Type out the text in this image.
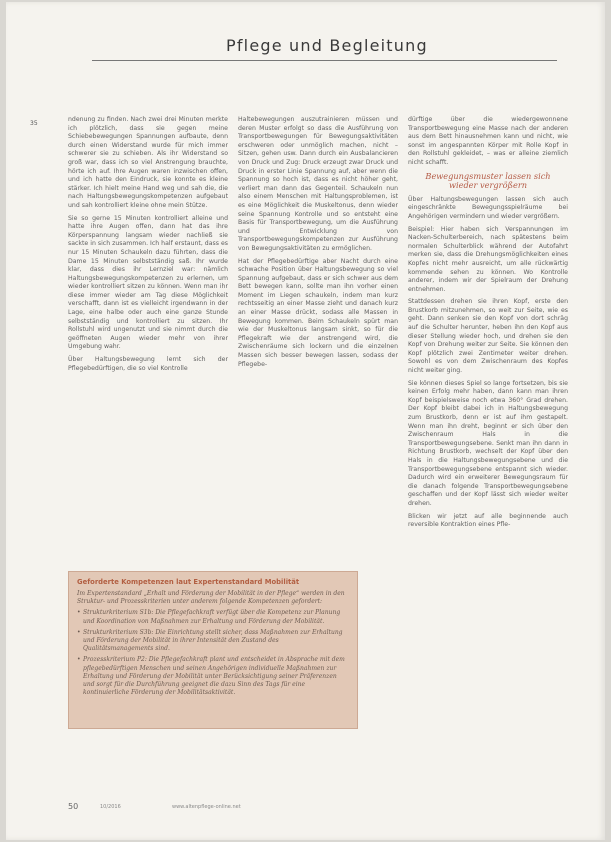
Pflege und Begleitung
35

ndenung zu finden. Nach zwei drei Minuten merkte ich plötzlich, dass sie gegen meine Schiebebewegungen Spannungen aufbaute, denn durch einen Widerstand wurde für mich immer schwerer sie zu schieben. Als ihr Widerstand so groß war, dass ich so viel Anstrengung brauchte, hörte ich auf. Ihre Augen waren inzwischen offen, und ich hatte den Eindruck, sie konnte es kleine stärker. Ich hielt meine Hand weg und sah die, die nach Haltungsbewegungskompetenzen aufgebaut und sah kontrolliert kleine ohne mein Stütze.

Sie so gerne 15 Minuten kontrolliert alleine und hatte ihre Augen offen, dann hat das ihre Körperspannung langsam wieder nachließ sie sackte in sich zusammen. Ich half erstaunt, dass es nur 15 Minuten Schaukeln dazu führten, dass die Dame 15 Minuten selbstständig saß. Ihr wurde klar, dass dies ihr Lernziel war: nämlich Haltungsbewegungskompetenzen zu erlernen, um wieder kontrolliert sitzen zu können. Wenn man ihr diese immer wieder am Tag diese Möglichkeit verschafft, dann ist es vielleicht irgendwann in der Lage, eine halbe oder auch eine ganze Stunde selbstständig und kontrolliert zu sitzen. Ihr Rollstuhl wird ungenutzt und sie nimmt durch die geöffneten Augen wieder mehr von ihrer Umgebung wahr.

Über Haltungsbewegung lernt sich der Pflegebedürftigen, die so viel Kontrolle

Haltebewegungen auszutrainieren müssen und deren Muster erfolgt so dass die Ausführung von Transportbewegungen für Bewegungsaktivitäten erschweren oder unmöglich machen, nicht – Sitzen, gehen usw. Dann durch ein Ausbalancieren von Druck und Zug: Druck erzeugt zwar Druck und Druck in erster Linie Spannung auf, aber wenn die Spannung so hoch ist, dass es nicht höher geht, verliert man dann das Gegenteil. Schaukeln nun also einem Menschen mit Haltungsproblemen, ist es eine Möglichkeit die Muskeltonus, denn wieder seine Spannung Kontrolle und so entsteht eine Basis für Transportbewegung, um die Ausführung und Entwicklung von Transportbewegungskompetenzen zur Ausführung von Bewegungsaktivitäten zu ermöglichen.

Hat der Pflegebedürftige aber Nacht durch eine schwache Position über Haltungsbewegung so viel Spannung aufgebaut, dass er sich schwer aus dem Bett bewegen kann, sollte man ihn vorher einen Moment im Liegen schaukeln, indem man kurz rechtsseitig an einer Masse zieht und danach kurz an einer Masse drückt, sodass alle Massen in Bewegung kommen. Beim Schaukeln spürt man wie der Muskeltonus langsam sinkt, so für die Pflegekraft wie der anstrengend wird, die Zwischenräume sich lockern und die einzelnen Massen sich besser bewegen lassen, sodass der Pflegebe-

dürftige über die wiedergewonnene Transportbewegung eine Masse nach der anderen aus dem Bett hinausnehmen kann und nicht, wie sonst im angespannten Körper mit Rolle Kopf in den Rollstuhl gekleidet, – was er alleine ziemlich nicht schafft.

Bewegungsmuster lassen sich
wieder vergrößern

Über Haltungsbewegungen lassen sich auch eingeschränkte Bewegungsspielräume bei Angehörigen vermindern und wieder vergrößern.

Beispiel: Hier haben sich Verspannungen im Nacken-Schulterbereich, nach spätestens beim normalen Schulterblick während der Autofahrt merken sie, dass die Drehungsmöglichkeiten eines Kopfes nicht mehr ausreicht, um alle rückwärtig kommende sehen zu können. Wo Kontrolle anderer, indem wir der Spielraum der Drehung entnehmen.

Stattdessen drehen sie ihren Kopf, erste den Brustkorb mitzunehmen, so weit zur Seite, wie es geht. Dann senken sie den Kopf von dort schräg auf die Schulter herunter, heben ihn den Kopf aus dieser Stellung wieder hoch, und drehen sie den Kopf von Drehung weiter zur Seite. Sie können den Kopf plötzlich zwei Zentimeter weiter drehen. Sowohl es von dem Zwischenraum des Kopfes nicht weiter ging.

Sie können dieses Spiel so lange fortsetzen, bis sie keinen Erfolg mehr haben, dann kann man ihren Kopf beispielsweise noch etwa 360° Grad drehen. Der Kopf bleibt dabei ich in Haltungsbewegung zum Brustkorb, denn er ist auf ihm gestapelt. Wenn man ihn dreht, beginnt er sich über den Zwischenraum Hals in die Transportbewegungsebene. Senkt man ihn dann in Richtung Brustkorb, wechselt der Kopf über den Hals in die Haltungsbewegungsebene und die Transportbewegungsebene entspannt sich wieder. Dadurch wird ein erweiterer Bewegungsraum für die danach folgende Transportbewegungsebene geschaffen und der Kopf lässt sich wieder weiter drehen.

Blicken wir jetzt auf alle beginnende auch reversible Kontraktion eines Pfle-

Geforderte Kompetenzen laut Expertenstandard Mobilität
Im Expertenstandard „Erhalt und Förderung der Mobilität in der Pflege“ werden in den Struktur- und Prozesskriterien unter anderem folgende Kompetenzen gefordert:
• Strukturkriterium S1b: Die Pflegefachkraft verfügt über die Kompetenz zur Planung und Koordination von Maßnahmen zur Erhaltung und Förderung der Mobilität.
• Strukturkriterium S3b: Die Einrichtung stellt sicher, dass Maßnahmen zur Erhaltung und Förderung der Mobilität in ihrer Intensität den Zustand des Qualitätsmanagements sind.
• Prozesskriterium P2: Die Pflegefachkraft plant und entscheidet in Absprache mit dem pflegebedürftigen Menschen und seinen Angehörigen individuelle Maßnahmen zur Erhaltung und Förderung der Mobilität unter Berücksichtigung seiner Präferenzen und sorgt für die Durchführung geeignet die dazu Sinn des Tags für eine kontinuierliche Förderung der Mobilitätsaktivität.
50	10/2016	www.altenpflege-online.net
